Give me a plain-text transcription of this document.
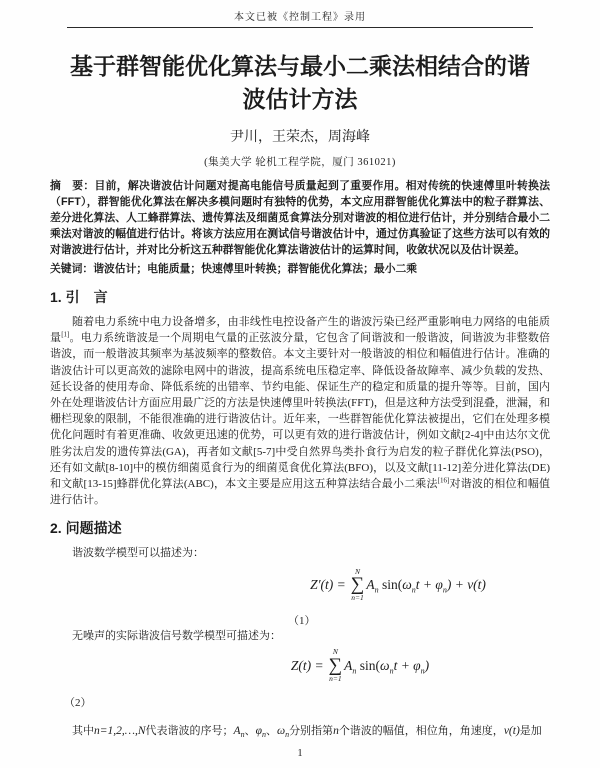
本文已被《控制工程》录用
基于群智能优化算法与最小二乘法相结合的谐波估计方法
尹川，王荣杰，周海峰
(集美大学 轮机工程学院，厦门 361021)

摘　要：目前，解决谐波估计问题对提高电能信号质量起到了重要作用。相对传统的快速傅里叶转换法（FFT），群智能优化算法在解决多模问题时有独特的优势，本文应用群智能优化算法中的粒子群算法、差分进化算法、人工蜂群算法、遗传算法及细菌觅食算法分别对谐波的相位进行估计，并分别结合最小二乘法对谐波的幅值进行估计。将该方法应用在测试信号谐波估计中，通过仿真验证了这些方法可以有效的对谐波进行估计，并对比分析这五种群智能优化算法谐波估计的运算时间，收敛状况以及估计误差。

关键词：谐波估计；电能质量；快速傅里叶转换；群智能优化算法；最小二乘

1. 引　言

随着电力系统中电力设备增多，由非线性电控设备产生的谐波污染已经严重影响电力网络的电能质量[1]。电力系统谐波是一个周期电气量的正弦波分量，它包含了间谐波和一般谐波，间谐波为非整数倍谐波，而一般谐波其频率为基波频率的整数倍。本文主要针对一般谐波的相位和幅值进行估计。准确的谐波估计可以更高效的滤除电网中的谐波，提高系统电压稳定率、降低设备故障率、减少负载的发热、延长设备的使用寿命、降低系统的出错率、节约电能、保证生产的稳定和质量的提升等等。目前，国内外在处理谐波估计方面应用最广泛的方法是快速傅里叶转换法(FFT)，但是这种方法受到混叠，泄漏，和栅栏现象的限制，不能很准确的进行谐波估计。近年来，一些群智能优化算法被提出，它们在处理多模优化问题时有着更准确、收敛更迅速的优势，可以更有效的进行谐波估计，例如文献[2-4]中由达尔文优胜劣汰启发的遗传算法(GA)，再者如文献[5-7]中受自然界鸟类扑食行为启发的粒子群优化算法(PSO)，还有如文献[8-10]中的模仿细菌觅食行为的细菌觅食优化算法(BFO)，以及文献[11-12]差分进化算法(DE)和文献[13-15]蜂群优化算法(ABC)，本文主要是应用这五种算法结合最小二乘法[16]对谐波的相位和幅值进行估计。

2. 问题描述

谐波数学模型可以描述为：

Z′(t) =
N
∑
n=1
$A_n$ $\sin(\omega_nt + \varphi_n) + v(t)$
（1）

无噪声的实际谐波信号数学模型可描述为：

Z(t) =
N
∑
n=1
$A_n$ $\sin(\omega_nt + \varphi_n)$
（2）

其中n=1,2,…,N代表谐波的序号；$A_n$、$\varphi_n$、$\omega_n$分别指第n个谐波的幅值，相位角，角速度，v(t)是加

1
